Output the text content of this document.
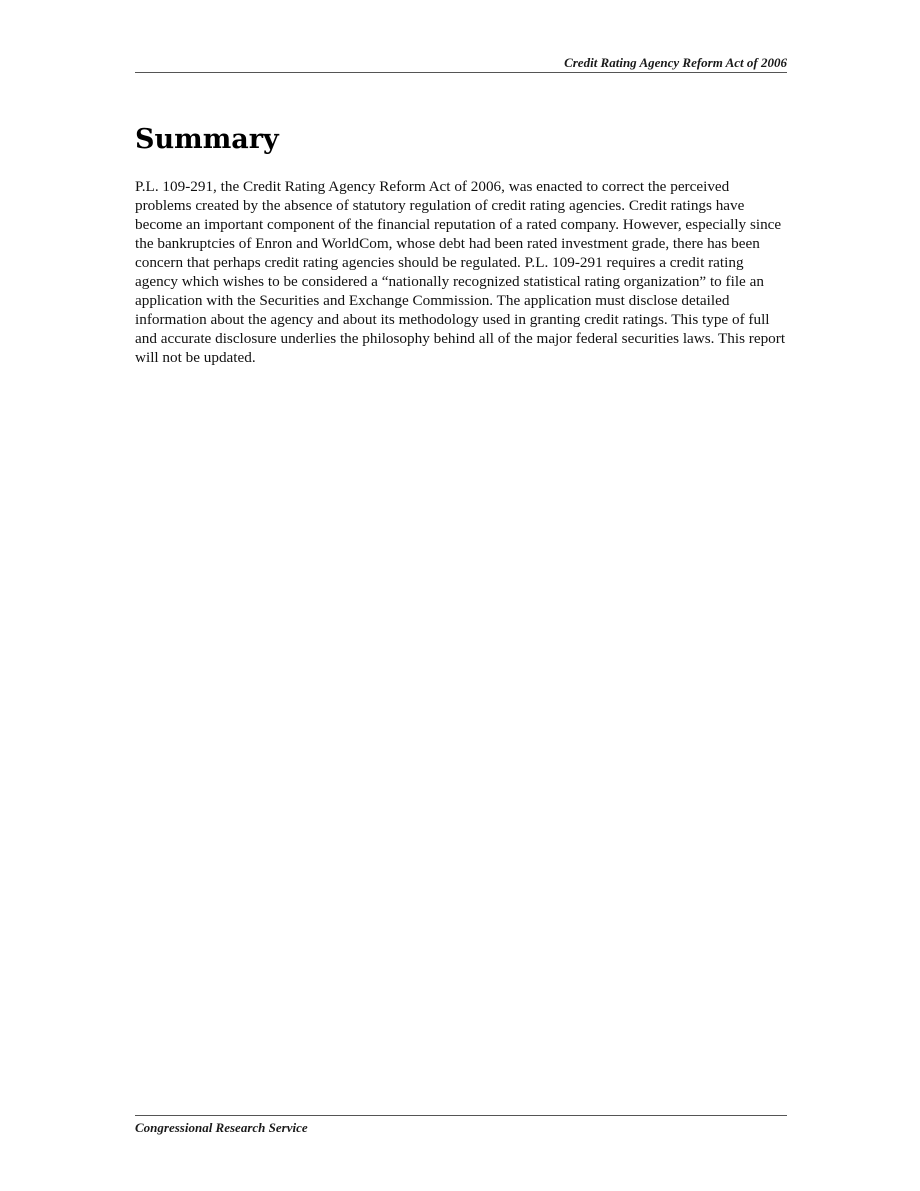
Credit Rating Agency Reform Act of 2006
Summary

P.L. 109-291, the Credit Rating Agency Reform Act of 2006, was enacted to correct the perceived problems created by the absence of statutory regulation of credit rating agencies. Credit ratings have become an important component of the financial reputation of a rated company. However, especially since the bankruptcies of Enron and WorldCom, whose debt had been rated investment grade, there has been concern that perhaps credit rating agencies should be regulated. P.L. 109-291 requires a credit rating agency which wishes to be considered a “nationally recognized statistical rating organization” to file an application with the Securities and Exchange Commission. The application must disclose detailed information about the agency and about its methodology used in granting credit ratings. This type of full and accurate disclosure underlies the philosophy behind all of the major federal securities laws. This report will not be updated.

Congressional Research Service
